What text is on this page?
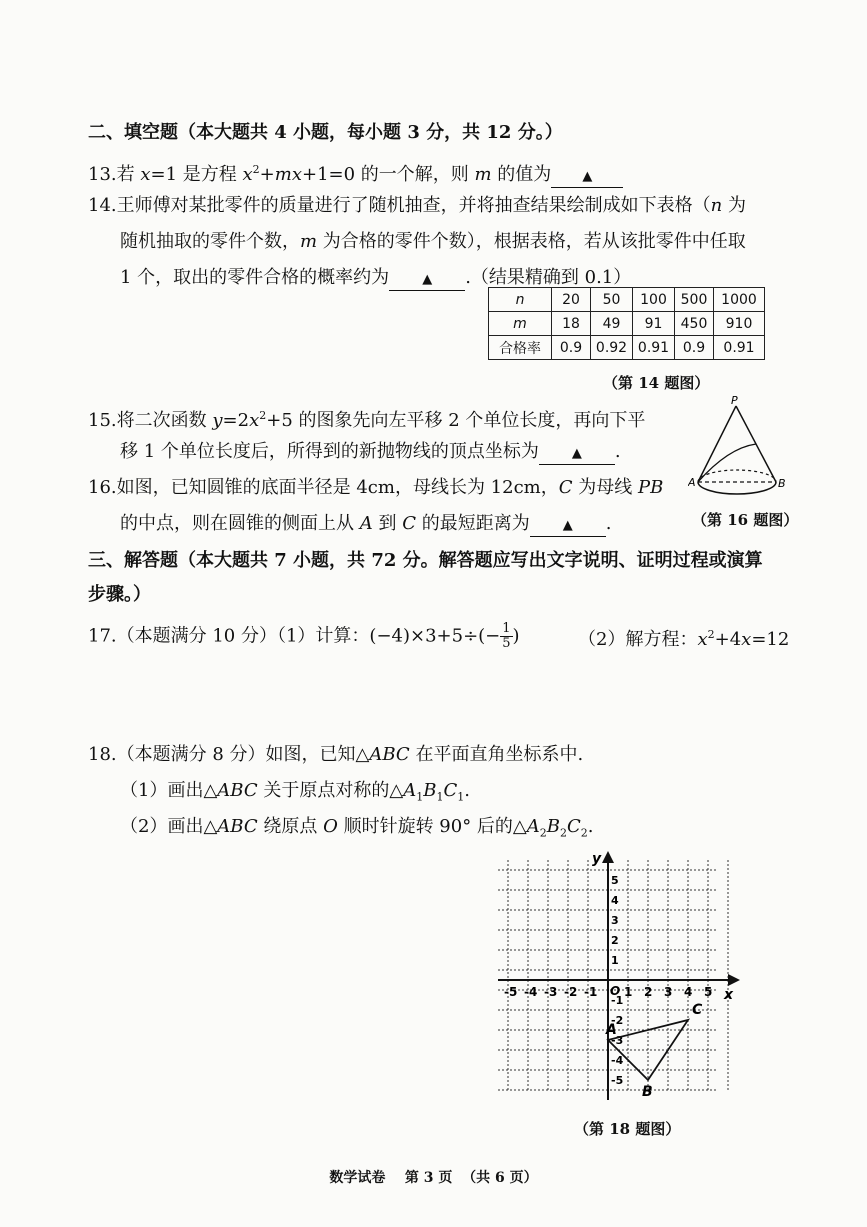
二、填空题（本大题共 4 小题，每小题 3 分，共 12 分。）
13.若 x=1 是方程 $x^2+mx+1=0$ 的一个解，则 m 的值为 ▲
14.王师傅对某批零件的质量进行了随机抽查，并将抽查结果绘制成如下表格（n 为
随机抽取的零件个数，m 为合格的零件个数），根据表格，若从该批零件中任取
1 个，取出的零件合格的概率约为	▲ .（结果精确到 0.1）
n	20	50	100	500	1000
m	18	49	91	450	910
合格率	0.9	0.92	0.91	0.9	0.91
（第 14 题图）
15.将二次函数 $y=2x^2+5$ 的图象先向左平移 2 个单位长度，再向下平
移 1 个单位长度后，所得到的新抛物线的顶点坐标为	▲ .
16.如图，已知圆锥的底面半径是 4cm，母线长为 12cm，C 为母线 PB
的中点，则在圆锥的侧面上从 A 到 C 的最短距离为	▲ .
P
A	B
（第 16 题图）
三、解答题（本大题共 7 小题，共 72 分。解答题应写出文字说明、证明过程或演算
步骤。）
17.（本题满分 10 分）（1）计算：$(-4)\times 3+5\div(- \frac{1}{5}$ )	（2）解方程：$x^2+4x=12$
18.（本题满分 8 分）如图，已知△ABC 在平面直角坐标系中.
（1）画出△ABC 关于原点对称的$\triangle A_1B_1C_1$.
（2）画出△ABC 绕原点 O 顺时针旋转 90° 后的$\triangle A_2B_2C_2$.
y
x
O
-5 -4 -3 -2 -1 1 2 3 4 5
5
4
3
2
1
-1
-2
-3
-4
-5
A
B
C
（第 18 题图）
数学试卷    第 3 页  （共 6 页）
